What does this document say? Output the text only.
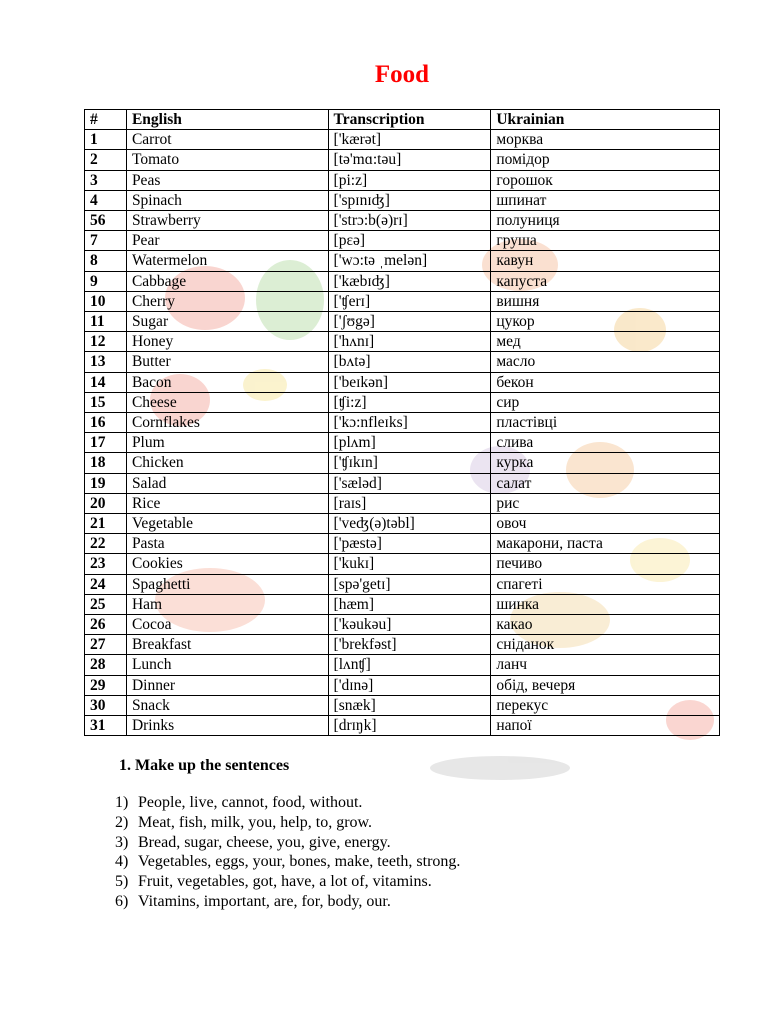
Food
#	English	Transcription	Ukrainian
1	Carrot	['kærət]	морква
2	Tomato	[tə'mɑ:təu]	помідор
3	Peas	[pi:z]	горошок
4	Spinach	['spɪnɪʤ]	шпинат
56	Strawberry	['strɔ:b(ə)rɪ]	полуниця
7	Pear	[pɛə]	груша
8	Watermelon	['wɔ:tə ˌmelən]	кавун
9	Cabbage	['kæbɪʤ]	капуста
10	Cherry	['ʧerɪ]	вишня
11	Sugar	['ʃʊgə]	цукор
12	Honey	['hʌnɪ]	мед
13	Butter	[bʌtə]	масло
14	Bacon	['beɪkən]	бекон
15	Cheese	[ʧi:z]	сир
16	Cornflakes	['kɔ:nfleɪks]	пластівці
17	Plum	[plʌm]	слива
18	Chicken	['ʧɪkɪn]	курка
19	Salad	['sæləd]	салат
20	Rice	[raɪs]	рис
21	Vegetable	['veʤ(ə)təbl]	овоч
22	Pasta	['pæstə]	макарони, паста
23	Cookies	['kukɪ]	печиво
24	Spaghetti	[spə'getɪ]	спагеті
25	Ham	[hæm]	шинка
26	Cocoa	['kəukəu]	какао
27	Breakfast	['brekfəst]	сніданок
28	Lunch	[lʌnʧ]	ланч
29	Dinner	['dɪnə]	обід, вечеря
30	Snack	[snæk]	перекус
31	Drinks	[drɪŋk]	напої
1. Make up the sentences
1) People, live, cannot, food, without.
2) Meat, fish, milk, you, help, to, grow.
3) Bread, sugar, cheese, you, give, energy.
4) Vegetables, eggs, your, bones, make, teeth, strong.
5) Fruit, vegetables, got, have, a lot of, vitamins.
6) Vitamins, important, are, for, body, our.
